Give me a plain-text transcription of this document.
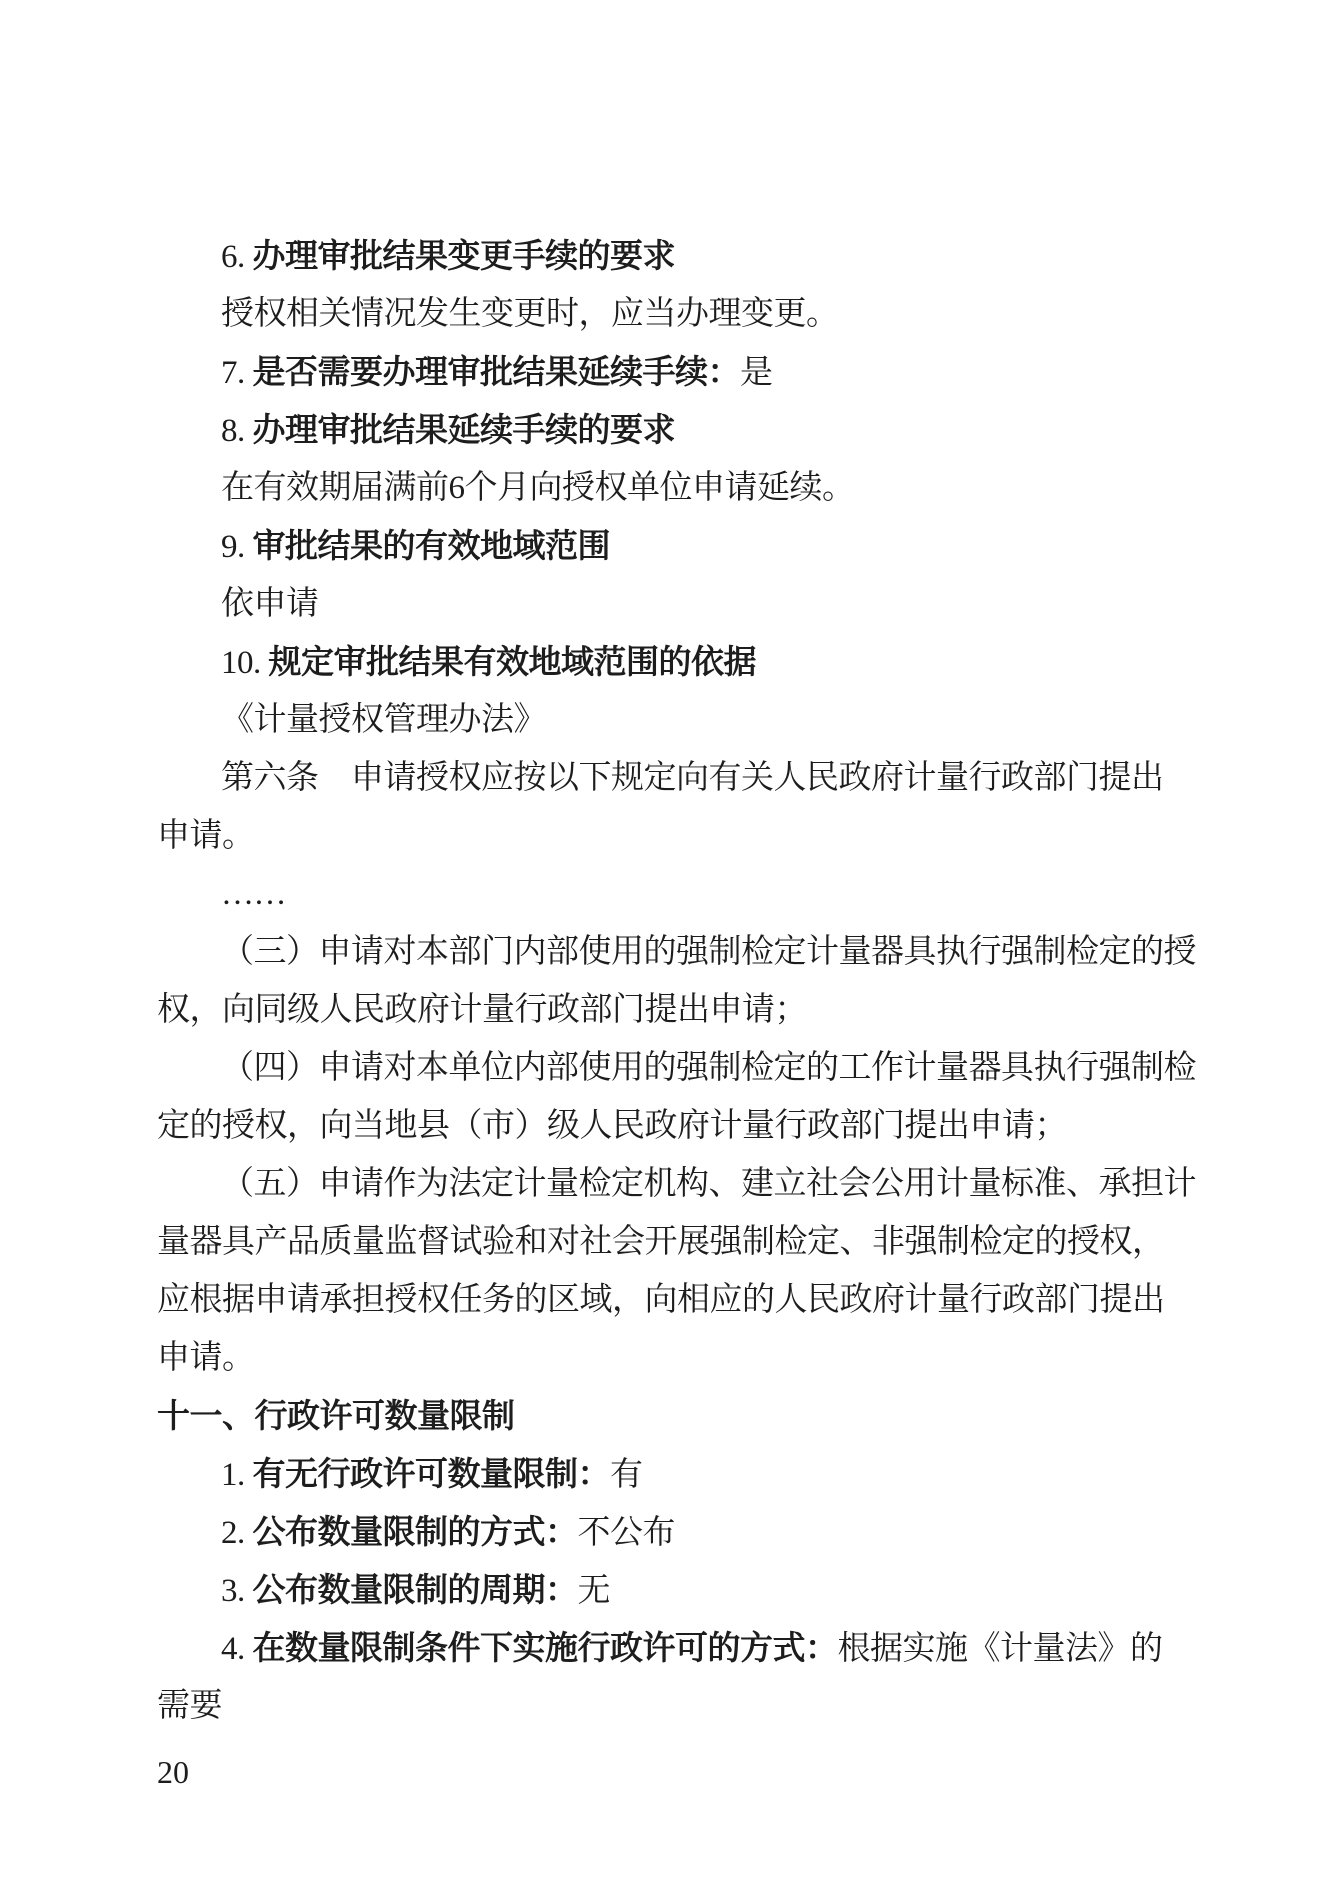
6. 办理审批结果变更手续的要求
授权相关情况发生变更时，应当办理变更。
7. 是否需要办理审批结果延续手续：是
8. 办理审批结果延续手续的要求
在有效期届满前6个月向授权单位申请延续。
9. 审批结果的有效地域范围
依申请
10. 规定审批结果有效地域范围的依据
《计量授权管理办法》
第六条　申请授权应按以下规定向有关人民政府计量行政部门提出
申请。
……
（三）申请对本部门内部使用的强制检定计量器具执行强制检定的授
权，向同级人民政府计量行政部门提出申请；
（四）申请对本单位内部使用的强制检定的工作计量器具执行强制检
定的授权，向当地县（市）级人民政府计量行政部门提出申请；
（五）申请作为法定计量检定机构、建立社会公用计量标准、承担计
量器具产品质量监督试验和对社会开展强制检定、非强制检定的授权，
应根据申请承担授权任务的区域，向相应的人民政府计量行政部门提出
申请。
十一、行政许可数量限制
1. 有无行政许可数量限制：有
2. 公布数量限制的方式：不公布
3. 公布数量限制的周期：无
4. 在数量限制条件下实施行政许可的方式：根据实施《计量法》的
需要
20
